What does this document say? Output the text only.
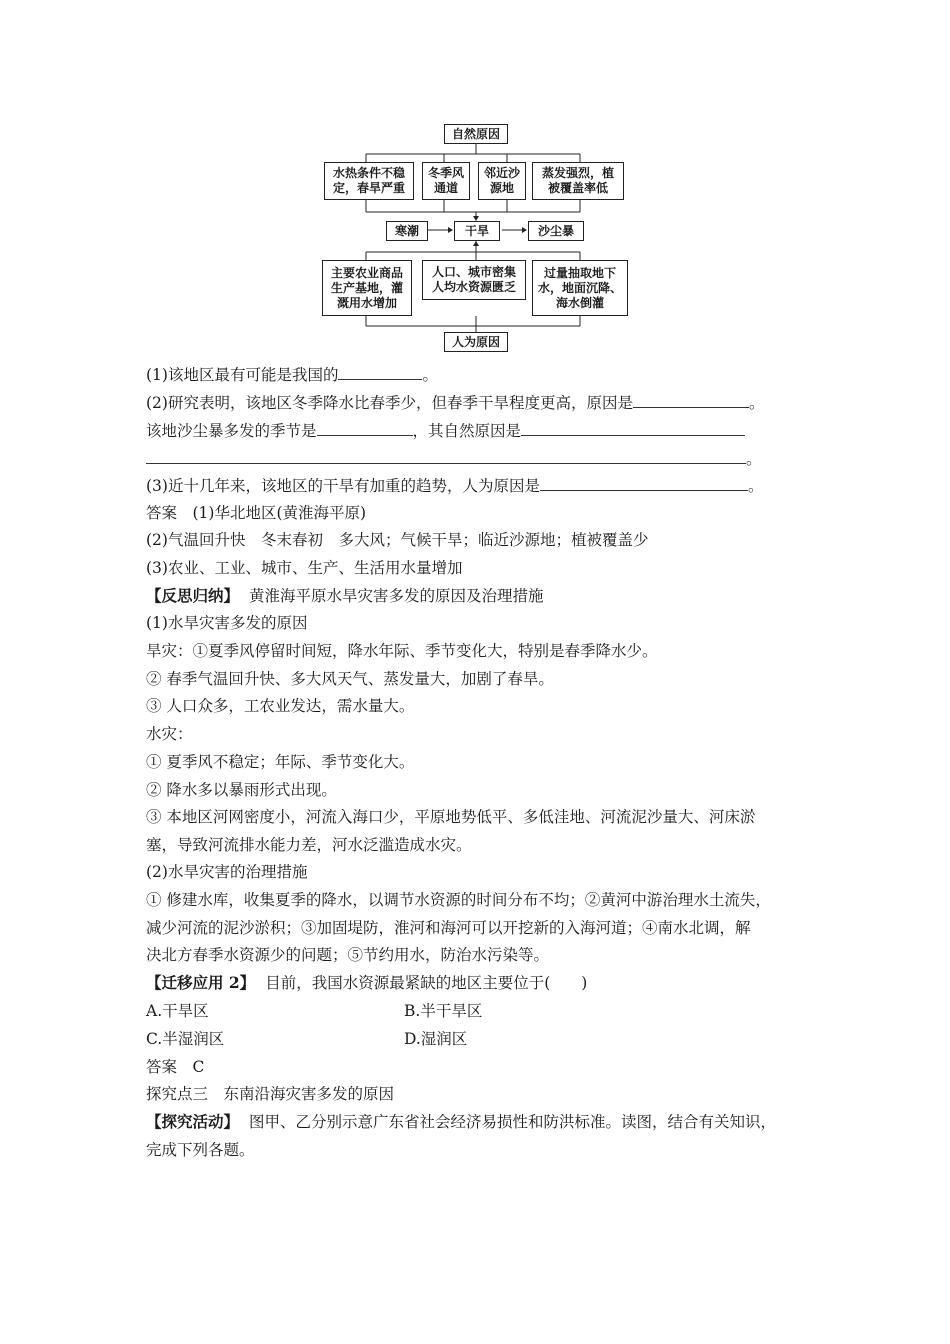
自然原因
水热条件不稳
定，春旱严重
冬季风
通道
邻近沙
源地
蒸发强烈，植
被覆盖率低
寒潮	干旱	沙尘暴
主要农业商品
生产基地，灌
溉用水增加
人口、城市密集
人均水资源匮乏
过量抽取地下
水，地面沉降、
海水倒灌
人为原因
(1)该地区最有可能是我国的	。
(2)研究表明，该地区冬季降水比春季少，但春季干旱程度更高，原因是	。
该地沙尘暴多发的季节是	，其自然原因是
。
(3)近十几年来，该地区的干旱有加重的趋势，人为原因是	。
答案　(1)华北地区(黄淮海平原)
(2)气温回升快　冬末春初　多大风；气候干旱；临近沙源地；植被覆盖少
(3)农业、工业、城市、生产、生活用水量增加
【反思归纳】 黄淮海平原水旱灾害多发的原因及治理措施
(1)水旱灾害多发的原因
旱灾：①夏季风停留时间短，降水年际、季节变化大，特别是春季降水少。
② 春季气温回升快、多大风天气、蒸发量大，加剧了春旱。
③ 人口众多，工农业发达，需水量大。
水灾：
① 夏季风不稳定；年际、季节变化大。
② 降水多以暴雨形式出现。
③ 本地区河网密度小，河流入海口少，平原地势低平、多低洼地、河流泥沙量大、河床淤
塞，导致河流排水能力差，河水泛滥造成水灾。
(2)水旱灾害的治理措施
① 修建水库，收集夏季的降水，以调节水资源的时间分布不均；②黄河中游治理水土流失，
减少河流的泥沙淤积；③加固堤防，淮河和海河可以开挖新的入海河道；④南水北调，解
决北方春季水资源少的问题；⑤节约用水，防治水污染等。
【迁移应用 2】 目前，我国水资源最紧缺的地区主要位于(　　)
A.干旱区	B.半干旱区
C.半湿润区	D.湿润区
答案　C
探究点三　东南沿海灾害多发的原因
【探究活动】 图甲、乙分别示意广东省社会经济易损性和防洪标准。读图，结合有关知识，
完成下列各题。
